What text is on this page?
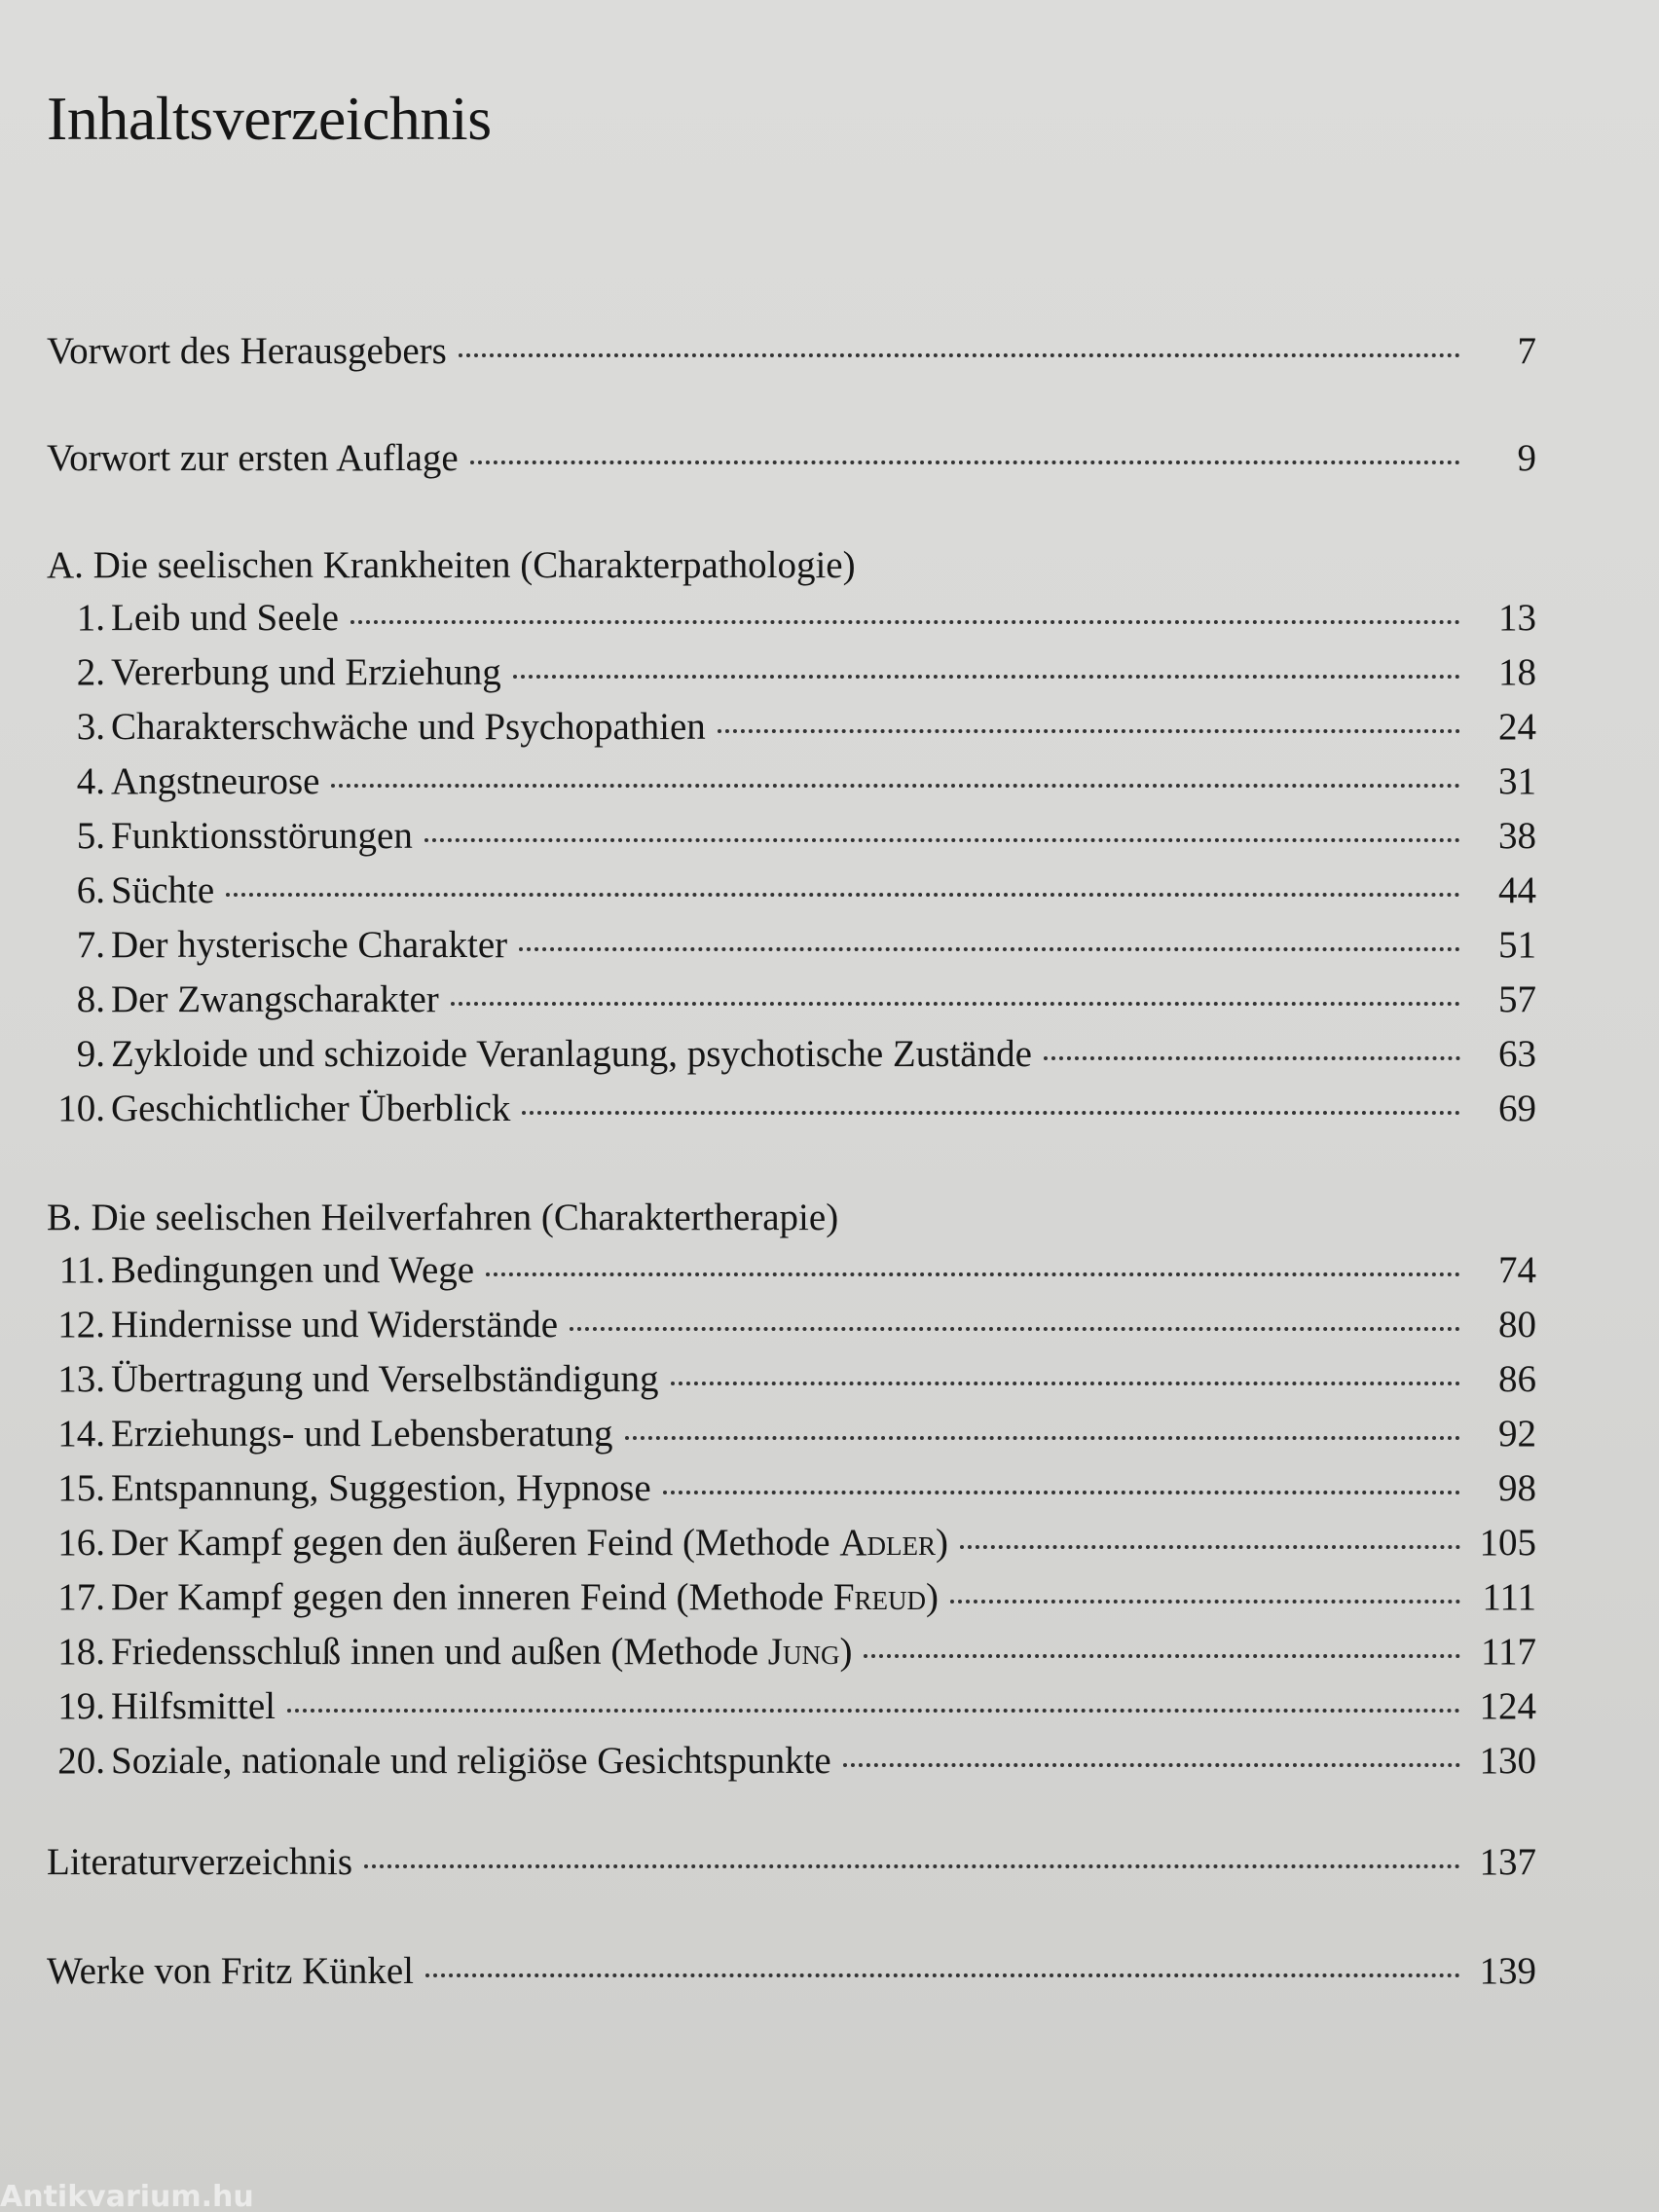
Inhaltsverzeichnis
Vorwort des Herausgebers	7
Vorwort zur ersten Auflage	9
A. Die seelischen Krankheiten (Charakterpathologie)
1. Leib und Seele	13
2. Vererbung und Erziehung	18
3. Charakterschwäche und Psychopathien	24
4. Angstneurose	31
5. Funktionsstörungen	38
6. Süchte	44
7. Der hysterische Charakter	51
8. Der Zwangscharakter	57
9. Zykloide und schizoide Veranlagung, psychotische Zustände	63
10. Geschichtlicher Überblick	69
B. Die seelischen Heilverfahren (Charaktertherapie)
11. Bedingungen und Wege	74
12. Hindernisse und Widerstände	80
13. Übertragung und Verselbständigung	86
14. Erziehungs- und Lebensberatung	92
15. Entspannung, Suggestion, Hypnose	98
16. Der Kampf gegen den äußeren Feind (Methode Adler)	105
17. Der Kampf gegen den inneren Feind (Methode Freud)	111
18. Friedensschluß innen und außen (Methode Jung)	117
19. Hilfsmittel	124
20. Soziale, nationale und religiöse Gesichtspunkte	130
Literaturverzeichnis	137
Werke von Fritz Künkel	139
Antikvarium.hu
